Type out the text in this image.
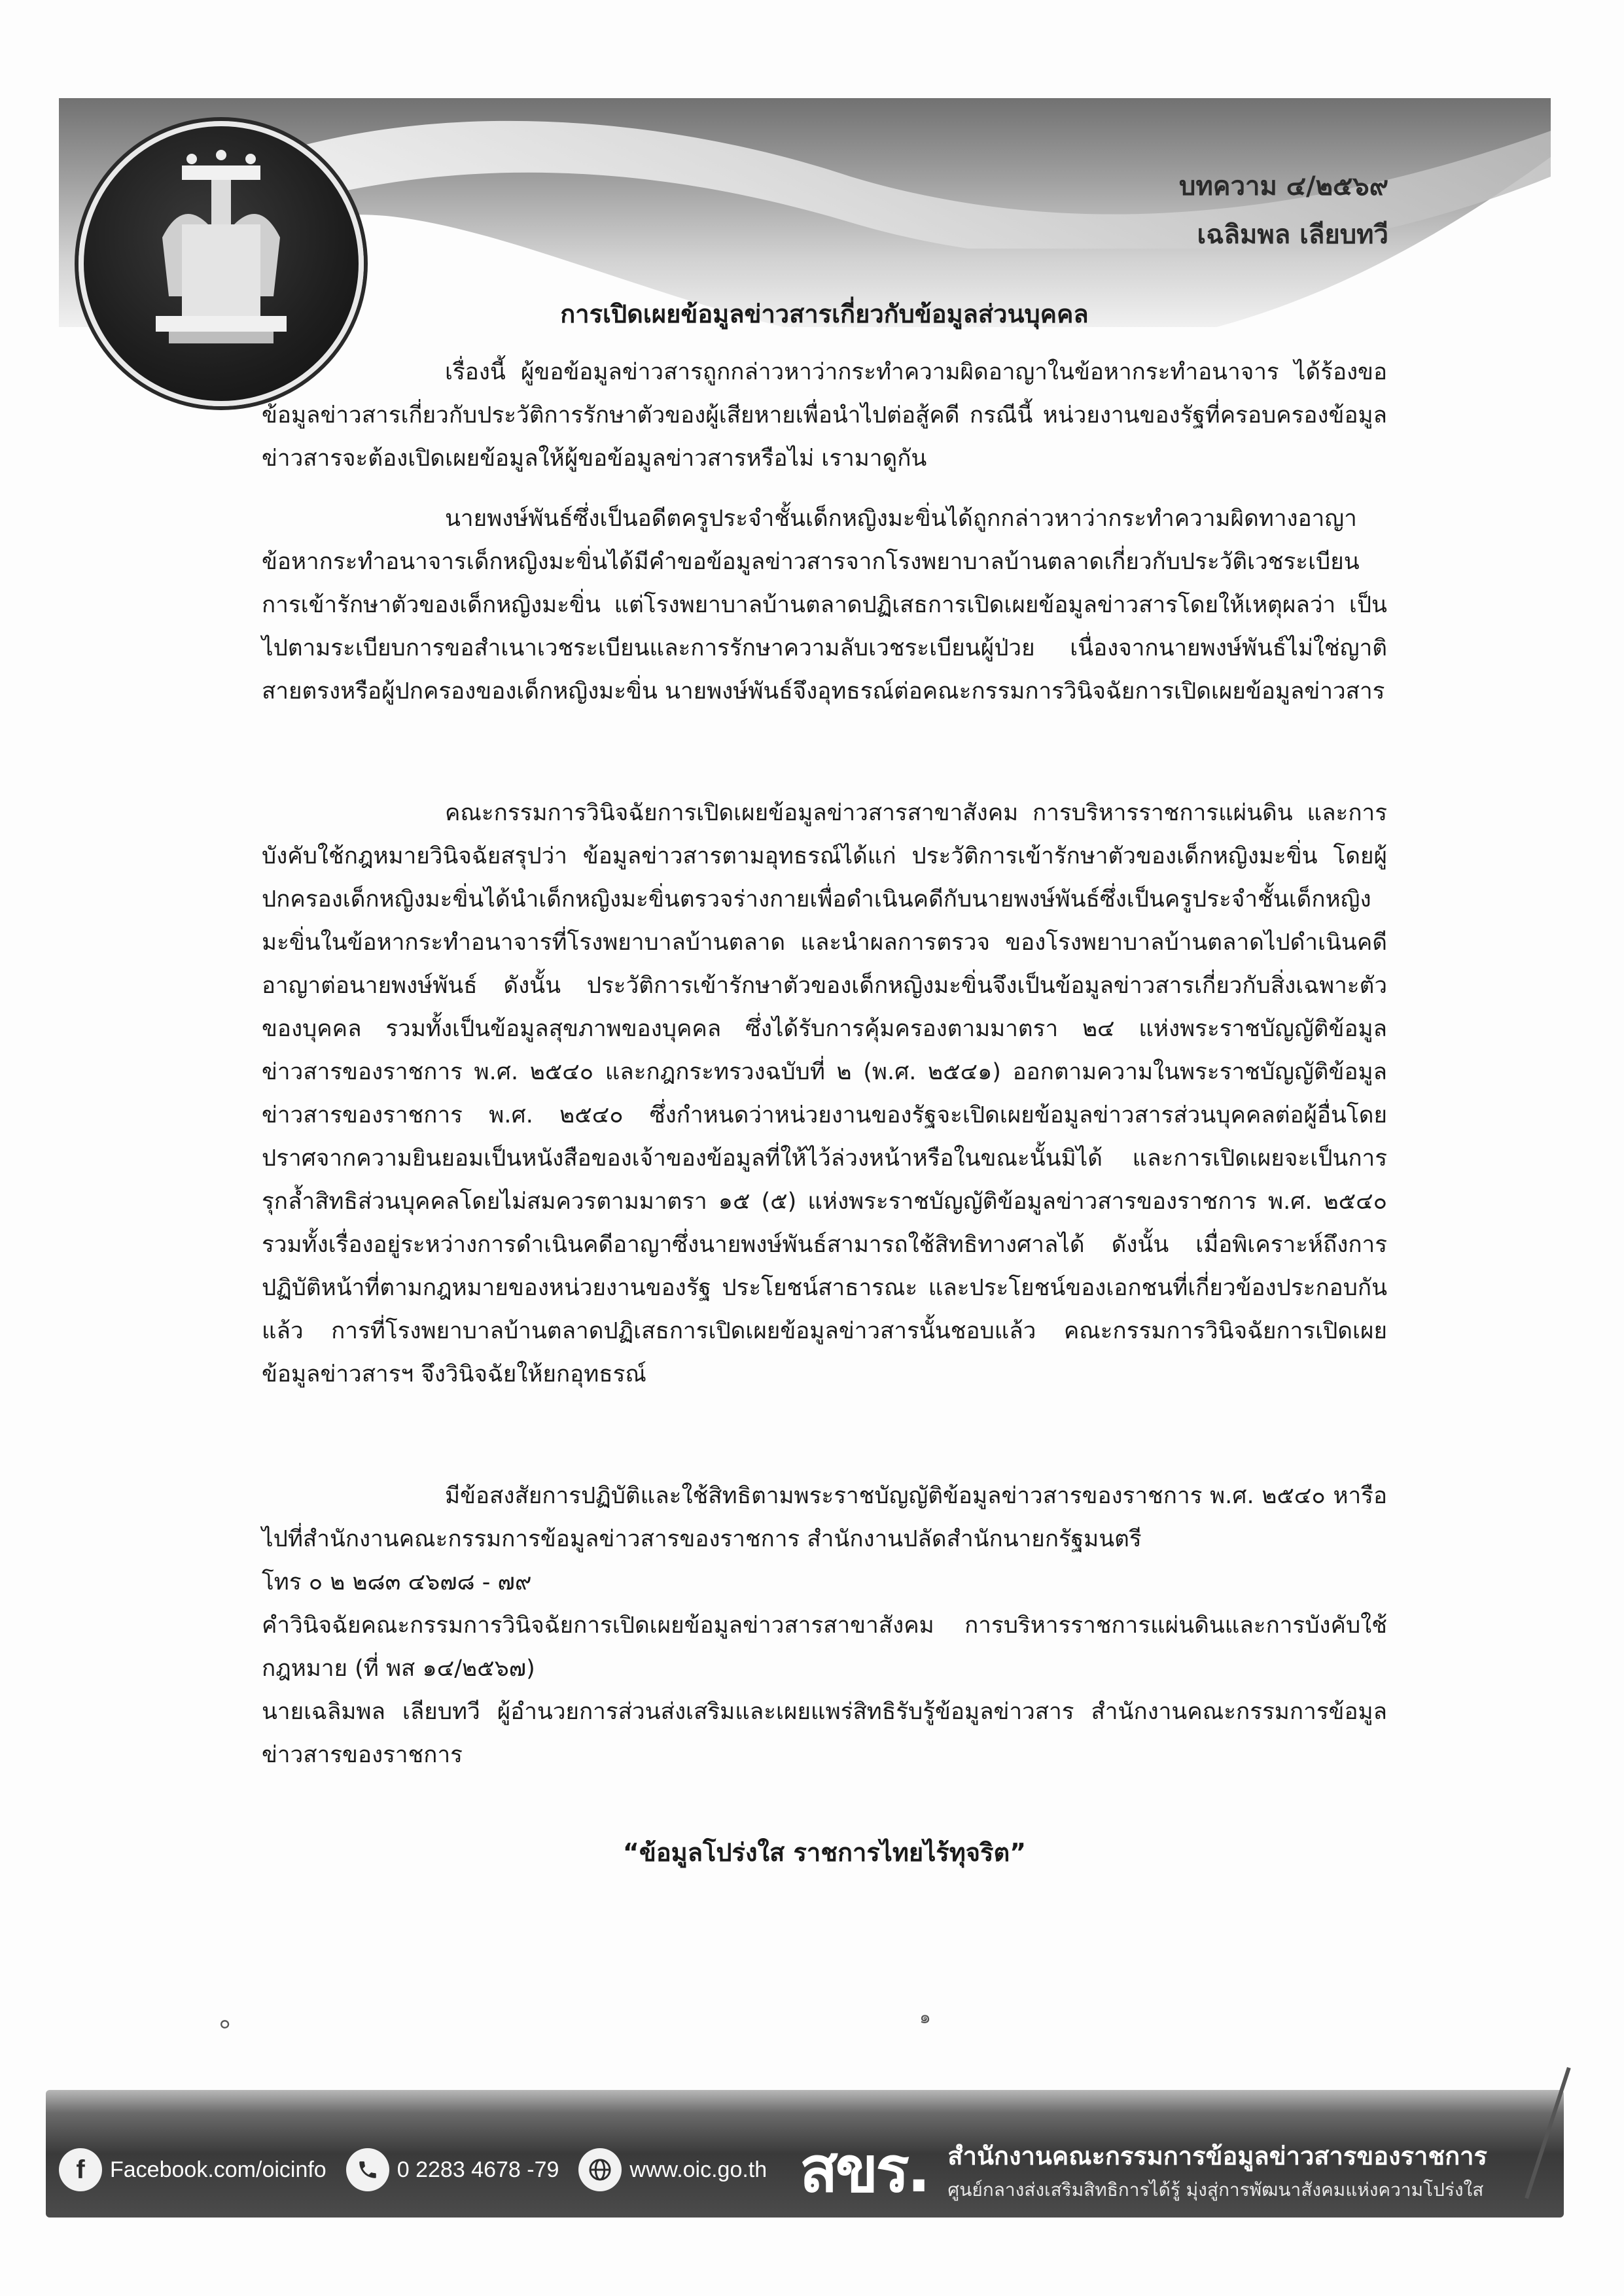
บทความ ๔/๒๕๖๙
เฉลิมพล เลียบทวี
การเปิดเผยข้อมูลข่าวสารเกี่ยวกับข้อมูลส่วนบุคคล

เรื่องนี้ ผู้ขอข้อมูลข่าวสารถูกกล่าวหาว่ากระทำความผิดอาญาในข้อหากระทำอนาจาร ได้ร้องขอข้อมูลข่าวสารเกี่ยวกับประวัติการรักษาตัวของผู้เสียหายเพื่อนำไปต่อสู้คดี กรณีนี้ หน่วยงานของรัฐที่ครอบครองข้อมูลข่าวสารจะต้องเปิดเผยข้อมูลให้ผู้ขอข้อมูลข่าวสารหรือไม่ เรามาดูกัน

นายพงษ์พันธ์ซึ่งเป็นอดีตครูประจำชั้นเด็กหญิงมะขิ่นได้ถูกกล่าวหาว่ากระทำความผิดทางอาญาข้อหากระทำอนาจารเด็กหญิงมะขิ่นได้มีคำขอข้อมูลข่าวสารจากโรงพยาบาลบ้านตลาดเกี่ยวกับประวัติเวชระเบียนการเข้ารักษาตัวของเด็กหญิงมะขิ่น แต่โรงพยาบาลบ้านตลาดปฏิเสธการเปิดเผยข้อมูลข่าวสารโดยให้เหตุผลว่า เป็นไปตามระเบียบการขอสำเนาเวชระเบียนและการรักษาความลับเวชระเบียนผู้ป่วย เนื่องจากนายพงษ์พันธ์ไม่ใช่ญาติสายตรงหรือผู้ปกครองของเด็กหญิงมะขิ่น นายพงษ์พันธ์จึงอุทธรณ์ต่อคณะกรรมการวินิจฉัยการเปิดเผยข้อมูลข่าวสาร

คณะกรรมการวินิจฉัยการเปิดเผยข้อมูลข่าวสารสาขาสังคม การบริหารราชการแผ่นดิน และการบังคับใช้กฎหมายวินิจฉัยสรุปว่า ข้อมูลข่าวสารตามอุทธรณ์ได้แก่ ประวัติการเข้ารักษาตัวของเด็กหญิงมะขิ่น โดยผู้ปกครองเด็กหญิงมะขิ่นได้นำเด็กหญิงมะขิ่นตรวจร่างกายเพื่อดำเนินคดีกับนายพงษ์พันธ์ซึ่งเป็นครูประจำชั้นเด็กหญิงมะขิ่นในข้อหากระทำอนาจารที่โรงพยาบาลบ้านตลาด และนำผลการตรวจ ของโรงพยาบาลบ้านตลาดไปดำเนินคดีอาญาต่อนายพงษ์พันธ์ ดังนั้น ประวัติการเข้ารักษาตัวของเด็กหญิงมะขิ่นจึงเป็นข้อมูลข่าวสารเกี่ยวกับสิ่งเฉพาะตัวของบุคคล รวมทั้งเป็นข้อมูลสุขภาพของบุคคล ซึ่งได้รับการคุ้มครองตามมาตรา ๒๔ แห่งพระราชบัญญัติข้อมูลข่าวสารของราชการ พ.ศ. ๒๕๔๐ และกฎกระทรวงฉบับที่ ๒ (พ.ศ. ๒๕๔๑) ออกตามความในพระราชบัญญัติข้อมูลข่าวสารของราชการ พ.ศ. ๒๕๔๐ ซึ่งกำหนดว่าหน่วยงานของรัฐจะเปิดเผยข้อมูลข่าวสารส่วนบุคคลต่อผู้อื่นโดยปราศจากความยินยอมเป็นหนังสือของเจ้าของข้อมูลที่ให้ไว้ล่วงหน้าหรือในขณะนั้นมิได้ และการเปิดเผยจะเป็นการรุกล้ำสิทธิส่วนบุคคลโดยไม่สมควรตามมาตรา ๑๕ (๕) แห่งพระราชบัญญัติข้อมูลข่าวสารของราชการ พ.ศ. ๒๕๔๐ รวมทั้งเรื่องอยู่ระหว่างการดำเนินคดีอาญาซึ่งนายพงษ์พันธ์สามารถใช้สิทธิทางศาลได้ ดังนั้น เมื่อพิเคราะห์ถึงการปฏิบัติหน้าที่ตามกฎหมายของหน่วยงานของรัฐ ประโยชน์สาธารณะ และประโยชน์ของเอกชนที่เกี่ยวข้องประกอบกันแล้ว การที่โรงพยาบาลบ้านตลาดปฏิเสธการเปิดเผยข้อมูลข่าวสารนั้นชอบแล้ว คณะกรรมการวินิจฉัยการเปิดเผยข้อมูลข่าวสารฯ จึงวินิจฉัยให้ยกอุทธรณ์

มีข้อสงสัยการปฏิบัติและใช้สิทธิตามพระราชบัญญัติข้อมูลข่าวสารของราชการ พ.ศ. ๒๕๔๐ หารือไปที่สำนักงานคณะกรรมการข้อมูลข่าวสารของราชการ สำนักงานปลัดสำนักนายกรัฐมนตรี

โทร ๐ ๒ ๒๘๓ ๔๖๗๘ - ๗๙

คำวินิจฉัยคณะกรรมการวินิจฉัยการเปิดเผยข้อมูลข่าวสารสาขาสังคม การบริหารราชการแผ่นดินและการบังคับใช้กฎหมาย (ที่ พส ๑๔/๒๕๖๗)

นายเฉลิมพล เลียบทวี ผู้อำนวยการส่วนส่งเสริมและเผยแพร่สิทธิรับรู้ข้อมูลข่าวสาร สำนักงานคณะกรรมการข้อมูลข่าวสารของราชการ

“ข้อมูลโปร่งใส ราชการไทยไร้ทุจริต”
๐	๑
f	Facebook.com/oicinfo	0 2283 4678 -79	www.oic.go.th สขร. สำนักงานคณะกรรมการข้อมูลข่าวสารของราชการ
ศูนย์กลางส่งเสริมสิทธิการได้รู้ มุ่งสู่การพัฒนาสังคมแห่งความโปร่งใส
